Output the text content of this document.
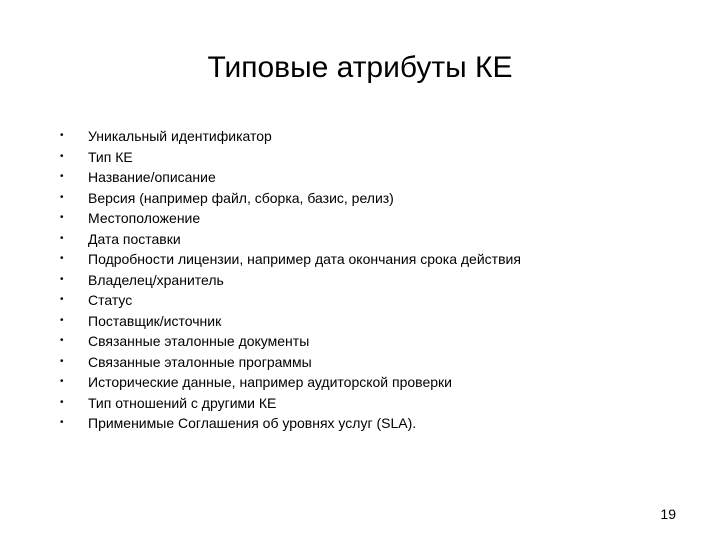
Типовые атрибуты КЕ
•	Уникальный идентификатор
•	Тип КЕ
•	Название/описание
•	Версия (например файл, сборка, базис, релиз)
•	Местоположение
•	Дата поставки
•	Подробности лицензии, например дата окончания срока действия
•	Владелец/хранитель
•	Статус
•	Поставщик/источник
•	Связанные эталонные документы
•	Связанные эталонные программы
•	Исторические данные, например аудиторской проверки
•	Тип отношений с другими КЕ
•	Применимые Соглашения об уровнях услуг (SLA).
19
